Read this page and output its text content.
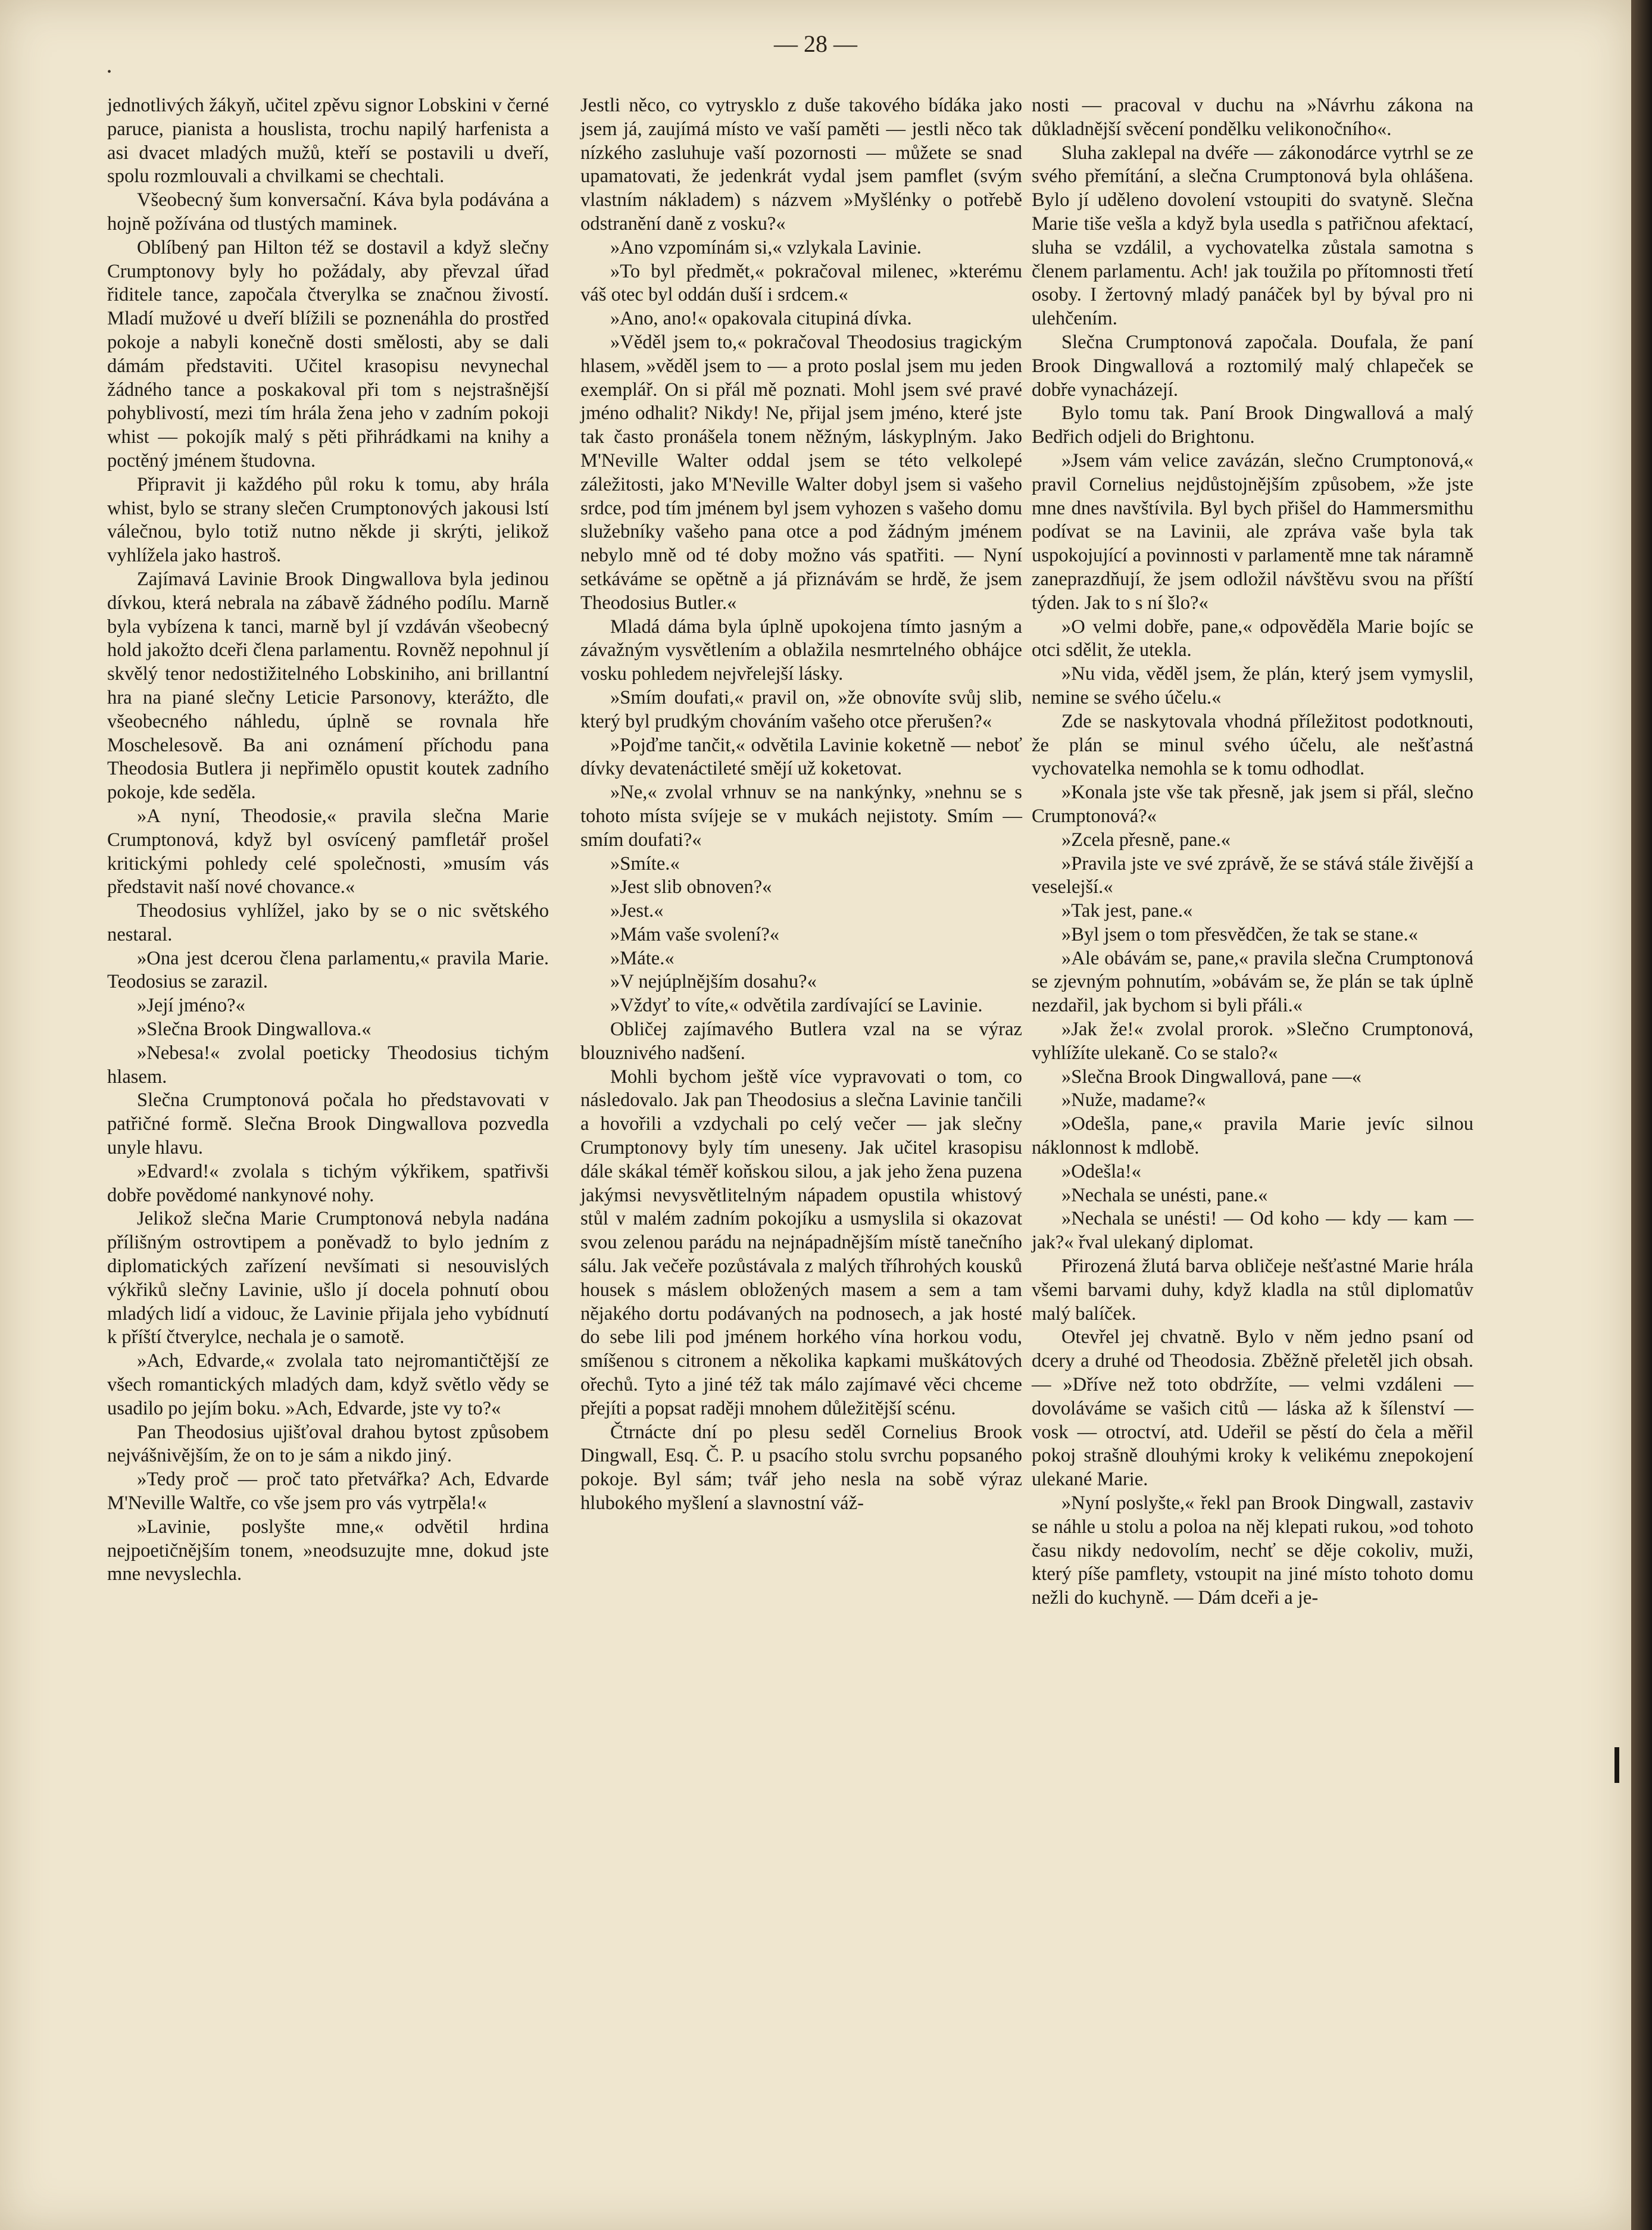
— 28 —
•

jednotlivých žákyň, učitel zpěvu signor Lobskini v černé paruce, pianista a houslista, trochu napilý harfenista a asi dvacet mladých mužů, kteří se postavili u dveří, spolu rozmlouvali a chvilkami se chechtali.

Všeobecný šum konversační. Káva byla podávána a hojně požívána od tlustých maminek.

Oblíbený pan Hilton též se dostavil a když slečny Crumptonovy byly ho požádaly, aby převzal úřad řiditele tance, započala čtverylka se značnou živostí. Mladí mužové u dveří blížili se poznenáhla do prostřed pokoje a nabyli konečně dosti smělosti, aby se dali dámám představiti. Učitel krasopisu nevynechal žádného tance a poskakoval při tom s nejstrašnější pohyblivostí, mezi tím hrála žena jeho v zadním pokoji whist — pokojík malý s pěti přihrádkami na knihy a poctěný jménem študovna.

Připravit ji každého půl roku k tomu, aby hrála whist, bylo se strany slečen Crumptonových jakousi lstí válečnou, bylo totiž nutno někde ji skrýti, jelikož vyhlížela jako hastroš.

Zajímavá Lavinie Brook Dingwallova byla jedinou dívkou, která nebrala na zábavě žádného podílu. Marně byla vybízena k tanci, marně byl jí vzdáván všeobecný hold jakožto dceři člena parlamentu. Rovněž nepohnul jí skvělý tenor nedostižitelného Lobskiniho, ani brillantní hra na piané slečny Leticie Parsonovy, kterážto, dle všeobecného náhledu, úplně se rovnala hře Moschelesově. Ba ani oznámení příchodu pana Theodosia Butlera ji nepřimělo opustit koutek zadního pokoje, kde seděla.

»A nyní, Theodosie,« pravila slečna Marie Crumptonová, když byl osvícený pamfletář prošel kritickými pohledy celé společnosti, »musím vás představit naší nové chovance.«

Theodosius vyhlížel, jako by se o nic světského nestaral.

»Ona jest dcerou člena parlamentu,« pravila Marie. Teodosius se zarazil.

»Její jméno?«

»Slečna Brook Dingwallova.«

»Nebesa!« zvolal poeticky Theodosius tichým hlasem.

Slečna Crumptonová počala ho představovati v patřičné formě. Slečna Brook Dingwallova pozvedla unyle hlavu.

»Edvard!« zvolala s tichým výkřikem, spatřivši dobře povědomé nankynové nohy.

Jelikož slečna Marie Crumptonová nebyla nadána přílišným ostrovtipem a poněvadž to bylo jedním z diplomatických zařízení nevšímati si nesouvislých výkřiků slečny Lavinie, ušlo jí docela pohnutí obou mladých lidí a vidouc, že Lavinie přijala jeho vybídnutí k příští čtverylce, nechala je o samotě.

»Ach, Edvarde,« zvolala tato nejromantičtější ze všech romantických mladých dam, když světlo vědy se usadilo po jejím boku. »Ach, Edvarde, jste vy to?«

Pan Theodosius ujišťoval drahou bytost způsobem nejvášnivějším, že on to je sám a nikdo jiný.

»Tedy proč — proč tato přetvářka? Ach, Edvarde M'Neville Waltře, co vše jsem pro vás vytrpěla!«

»Lavinie, poslyšte mne,« odvětil hrdina nejpoetičnějším tonem, »neodsuzujte mne, dokud jste mne nevyslechla.

Jestli něco, co vytrysklo z duše takového bídáka jako jsem já, zaujímá místo ve vaší paměti — jestli něco tak nízkého zasluhuje vaší pozornosti — můžete se snad upamatovati, že jedenkrát vydal jsem pamflet (svým vlastním nákladem) s názvem »Myšlénky o potřebě odstranění daně z vosku?«

»Ano vzpomínám si,« vzlykala Lavinie.

»To byl předmět,« pokračoval milenec, »kterému váš otec byl oddán duší i srdcem.«

»Ano, ano!« opakovala citupiná dívka.

»Věděl jsem to,« pokračoval Theodosius tragickým hlasem, »věděl jsem to — a proto poslal jsem mu jeden exemplář. On si přál mě poznati. Mohl jsem své pravé jméno odhalit? Nikdy! Ne, přijal jsem jméno, které jste tak často pronášela tonem něžným, láskyplným. Jako M'Neville Walter oddal jsem se této velkolepé záležitosti, jako M'Neville Walter dobyl jsem si vašeho srdce, pod tím jménem byl jsem vyhozen s vašeho domu služebníky vašeho pana otce a pod žádným jménem nebylo mně od té doby možno vás spatřiti. — Nyní setkáváme se opětně a já přiznávám se hrdě, že jsem Theodosius Butler.«

Mladá dáma byla úplně upokojena tímto jasným a závažným vysvětlením a oblažila nesmrtelného obhájce vosku pohledem nejvřelejší lásky.

»Smím doufati,« pravil on, »že obnovíte svůj slib, který byl prudkým chováním vašeho otce přerušen?«

»Pojďme tančit,« odvětila Lavinie koketně — neboť dívky devatenáctileté smějí už koketovat.

»Ne,« zvolal vrhnuv se na nankýnky, »nehnu se s tohoto místa svíjeje se v mukách nejistoty. Smím — smím doufati?«

»Smíte.«

»Jest slib obnoven?«

»Jest.«

»Mám vaše svolení?«

»Máte.«

»V nejúplnějším dosahu?«

»Vždyť to víte,« odvětila zardívající se Lavinie.

Obličej zajímavého Butlera vzal na se výraz blouznivého nadšení.

Mohli bychom ještě více vypravovati o tom, co následovalo. Jak pan Theodosius a slečna Lavinie tančili a hovořili a vzdychali po celý večer — jak slečny Crumptonovy byly tím uneseny. Jak učitel krasopisu dále skákal téměř koňskou silou, a jak jeho žena puzena jakýmsi nevysvětlitelným nápadem opustila whistový stůl v malém zadním pokojíku a usmyslila si okazovat svou zelenou parádu na nejnápadnějším místě tanečního sálu. Jak večeře pozůstávala z malých tříhrohých kousků housek s máslem obložených masem a sem a tam nějakého dortu podávaných na podnosech, a jak hosté do sebe lili pod jménem horkého vína horkou vodu, smíšenou s citronem a několika kapkami muškátových ořechů. Tyto a jiné též tak málo zajímavé věci chceme přejíti a popsat raději mnohem důležitější scénu.

Čtrnácte dní po plesu seděl Cornelius Brook Dingwall, Esq. Č. P. u psacího stolu svrchu popsaného pokoje. Byl sám; tvář jeho nesla na sobě výraz hlubokého myšlení a slavnostní váž-

nosti — pracoval v duchu na »Návrhu zákona na důkladnější svěcení pondělku velikonočního«.

Sluha zaklepal na dvéře — zákonodárce vytrhl se ze svého přemítání, a slečna Crumptonová byla ohlášena. Bylo jí uděleno dovolení vstoupiti do svatyně. Slečna Marie tiše vešla a když byla usedla s patřičnou afektací, sluha se vzdálil, a vychovatelka zůstala samotna s členem parlamentu. Ach! jak toužila po přítomnosti třetí osoby. I žertovný mladý panáček byl by býval pro ni ulehčením.

Slečna Crumptonová započala. Doufala, že paní Brook Dingwallová a roztomilý malý chlapeček se dobře vynacházejí.

Bylo tomu tak. Paní Brook Dingwallová a malý Bedřich odjeli do Brightonu.

»Jsem vám velice zavázán, slečno Crumptonová,« pravil Cornelius nejdůstojnějším způsobem, »že jste mne dnes navštívila. Byl bych přišel do Hammersmithu podívat se na Lavinii, ale zpráva vaše byla tak uspokojující a povinnosti v parlamentě mne tak náramně zaneprazdňují, že jsem odložil návštěvu svou na příští týden. Jak to s ní šlo?«

»O velmi dobře, pane,« odpověděla Marie bojíc se otci sdělit, že utekla.

»Nu vida, věděl jsem, že plán, který jsem vymyslil, nemine se svého účelu.«

Zde se naskytovala vhodná příležitost podotknouti, že plán se minul svého účelu, ale nešťastná vychovatelka nemohla se k tomu odhodlat.

»Konala jste vše tak přesně, jak jsem si přál, slečno Crumptonová?«

»Zcela přesně, pane.«

»Pravila jste ve své zprávě, že se stává stále živější a veselejší.«

»Tak jest, pane.«

»Byl jsem o tom přesvědčen, že tak se stane.«

»Ale obávám se, pane,« pravila slečna Crumptonová se zjevným pohnutím, »obávám se, že plán se tak úplně nezdařil, jak bychom si byli přáli.«

»Jak že!« zvolal prorok. »Slečno Crumptonová, vyhlížíte ulekaně. Co se stalo?«

»Slečna Brook Dingwallová, pane —«

»Nuže, madame?«

»Odešla, pane,« pravila Marie jevíc silnou náklonnost k mdlobě.

»Odešla!«

»Nechala se unésti, pane.«

»Nechala se unésti! — Od koho — kdy — kam — jak?« řval ulekaný diplomat.

Přirozená žlutá barva obličeje nešťastné Marie hrála všemi barvami duhy, když kladla na stůl diplomatův malý balíček.

Otevřel jej chvatně. Bylo v něm jedno psaní od dcery a druhé od Theodosia. Zběžně přeletěl jich obsah. — »Dříve než toto obdržíte, — velmi vzdáleni — dovoláváme se vašich citů — láska až k šílenství — vosk — otroctví, atd. Udeřil se pěstí do čela a měřil pokoj strašně dlouhými kroky k velikému znepokojení ulekané Marie.

»Nyní poslyšte,« řekl pan Brook Dingwall, zastaviv se náhle u stolu a poloa na něj klepati rukou, »od tohoto času nikdy nedovolím, nechť se děje cokoliv, muži, který píše pamflety, vstoupit na jiné místo tohoto domu nežli do kuchyně. — Dám dceři a je-
